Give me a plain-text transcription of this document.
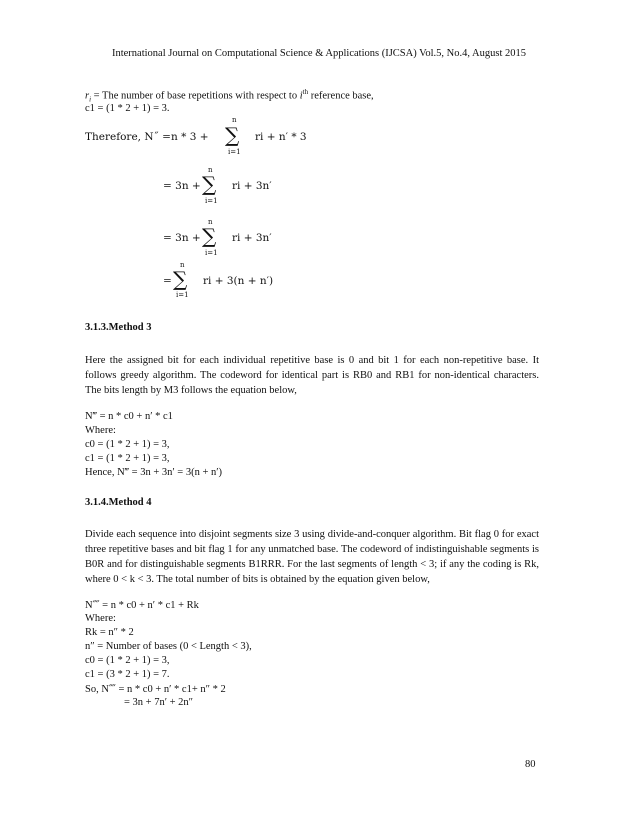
International Journal on Computational Science & Applications (IJCSA) Vol.5, No.4, August 2015
$r_i$ = The number of base repetitions with respect to $i^{th}$ reference base,
c1 = (1 * 2 + 1) = 3.
Therefore, N˝ = n * 3 +
n
∑
i=1
ri + n′ * 3
= 3n +
n
∑
i=1
ri + 3n′
= 3n +
n
∑
i=1
ri + 3n′
=
n
∑
i=1
ri + 3(n + n′)
3.1.3.Method 3
Here the assigned bit for each individual repetitive base is 0 and bit 1 for each non-repetitive base. It follows greedy algorithm. The codeword for identical part is RB0 and RB1 for non-identical characters. The bits length by M3 follows the equation below,
N‴ = n * c0 + n′ * c1
Where:
c0 = (1 * 2 + 1) = 3,
c1 = (1 * 2 + 1) = 3,
Hence, N‴ = 3n + 3n′ = 3(n + n′)
3.1.4.Method 4
Divide each sequence into disjoint segments size 3 using divide-and-conquer algorithm. Bit flag 0 for exact three repetitive bases and bit flag 1 for any unmatched base. The codeword of indistinguishable segments is B0R and for distinguishable segments B1RRR. For the last segments of length < 3; if any the coding is Rk, where 0 < k < 3. The total number of bits is obtained by the equation given below,
N⁗ = n * c0 + n′ * c1 + Rk
Where:
Rk = n″ * 2
n″ = Number of bases (0 < Length < 3),
c0 = (1 * 2 + 1) = 3,
c1 = (3 * 2 + 1) = 7.
So, N⁗ = n * c0 + n′ * c1+ n″ * 2
= 3n + 7n′ + 2n″
80
